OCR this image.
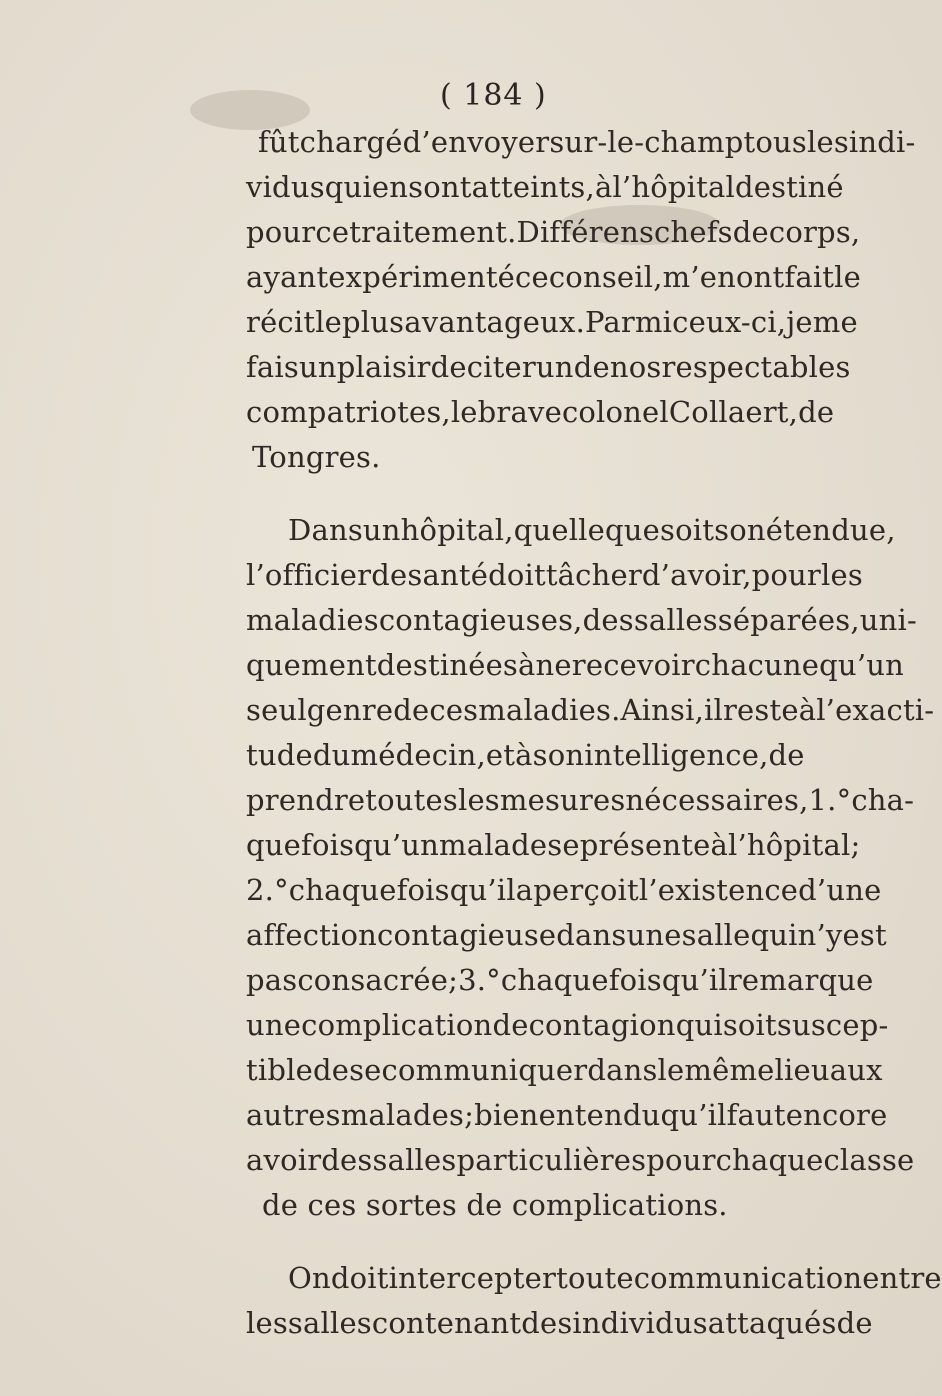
( 184 )
fût chargé d’envoyer sur-le-champ tous les indi-
vidus qui en sont atteints, à l’hôpital destiné
pour ce traitement. Différens chefs de corps,
ayant expérimenté ce conseil, m’en ont fait le
récit le plus avantageux. Parmi ceux-ci, je me
fais un plaisir de citer un de nos respectables
compatriotes, le brave colonel Collaert, de
Tongres.
Dans un hôpital, quelle que soit son étendue,
l’officier de santé doit tâcher d’avoir, pour les
maladies contagieuses, des salles séparées, uni-
quement destinées à ne recevoir chacune qu’un
seul genre de ces maladies. Ainsi, il reste à l’exacti-
tude du médecin, et à son intelligence, de
prendre toutes les mesures nécessaires, 1.° cha-
que fois qu’un malade se présente à l’hôpital;
2.° chaque fois qu’il aperçoit l’existence d’une
affection contagieuse dans une salle qui n’y est
pas consacrée; 3.° chaque fois qu’il remarque
une complication de contagion qui soit suscep-
tible de se communiquer dans le même lieu aux
autres malades; bien entendu qu’il faut encore
avoir des salles particulières pour chaque classe
de ces sortes de complications.
On doit intercepter toute communication entre
les salles contenant des individus attaqués de
